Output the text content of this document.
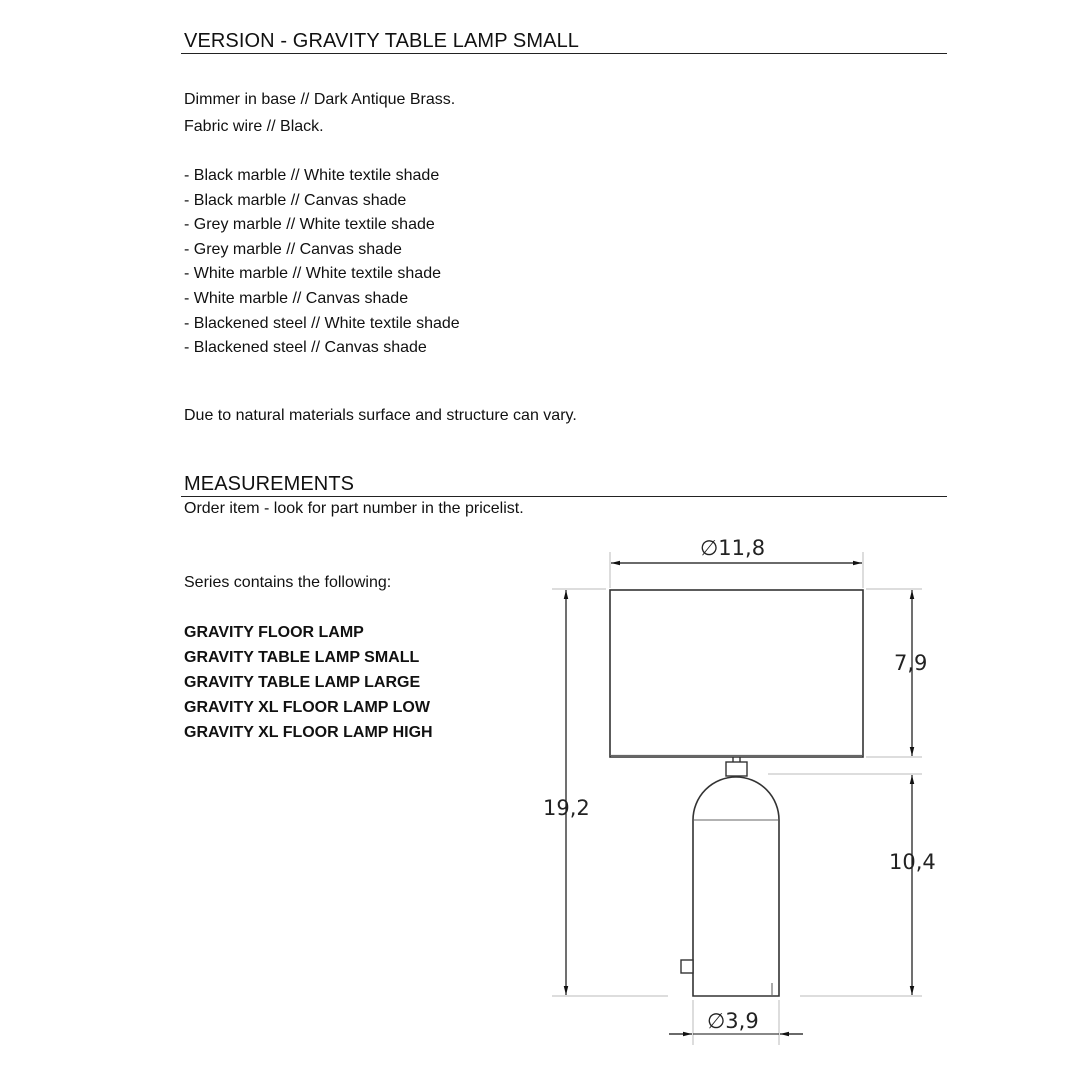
VERSION - GRAVITY TABLE LAMP SMALL
Dimmer in base // Dark Antique Brass.
Fabric wire // Black.
- Black marble // White textile shade
- Black marble // Canvas shade
- Grey marble // White textile shade
- Grey marble // Canvas shade
- White marble // White textile shade
- White marble // Canvas shade
- Blackened steel // White textile shade
- Blackened steel // Canvas shade
Due to natural materials surface and structure can vary.
MEASUREMENTS
Order item - look for part number in the pricelist.
Series contains the following:
GRAVITY FLOOR LAMP
GRAVITY TABLE LAMP SMALL
GRAVITY TABLE LAMP LARGE
GRAVITY XL FLOOR LAMP LOW
GRAVITY XL FLOOR LAMP HIGH
∅11,8
7,9
19,2
10,4
∅3,9
